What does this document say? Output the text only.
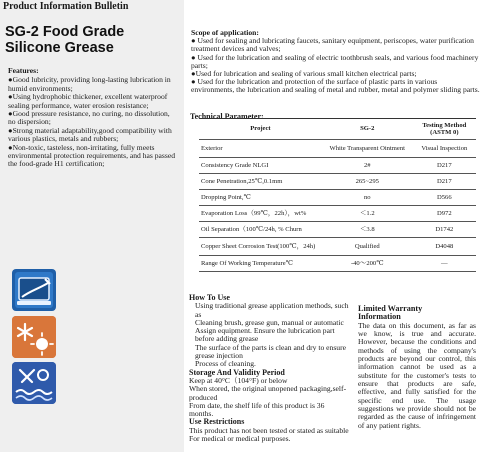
Product Information Bulletin
SG-2 Food Grade
Silicone Grease
Features:
●Good lubricity, providing long-lasting lubrication in humid environments;
●Using hydrophobic thickener, excellent waterproof sealing performance, water erosion resistance;
●Good pressure resistance, no curing, no dissolution, no dispersion;
●Strong material adaptability,good compatibility with various plastics, metals and rubbers;
●Non-toxic, tasteless, non-irritating, fully meets environmental protection requirements, and has passed the food-grade H1 certification;
Scope of application:
● Used for sealing and lubricating faucets, sanitary equipment, periscopes, water purification treatment devices and valves;
● Used for the lubrication and sealing of electric toothbrush seals, and various food machinery parts;
●Used for lubrication and sealing of various small kitchen electrical parts;
● Used for the lubrication and protection of the surface of plastic parts in various environments, the lubrication and sealing of metal and rubber, metal and polymer sliding parts.
Technical Parameter:
Project	SG-2	Testing Method (ASTM 0)
Exterior	White Transparent Ointment	Visual Inspection
Consistency Grade NLGI	2#	D217
Cone Penetration,25℃,0.1mm	265~295	D217
Dropping Point,℃	no	D566
Evaporation Loss（99℃，22h），wt%	＜1.2	D972
Oil Separation（100℃/24h, % Churn	＜3.8	D1742
Copper Sheet Corrosion Test(100℃，24h)	Qualified	D4048
Range Of Working Temperature℃	-40～200℃	—
How To Use
Using traditional grease application methods, such as
Cleaning brush, grease gun, manual or automatic
Assign equipment. Ensure the lubrication part before adding grease
The surface of the parts is clean and dry to ensure grease injection
Process of cleaning.
Storage And Validity Period
Keep at 40°C（104°F) or below
When stored, the original unopened packaging,self-produced
From date, the shelf life of this product is 36 months.
Use Restrictions
This product has not been tested or stated as suitable
For medical or medical purposes.
Limited Warranty
Information
The data on this document, as far as we know, is true and accurate. However, because the conditions and methods of using the company's products are beyond our control, this information cannot be used as a substitute for the customer's tests to ensure that products are safe, effective, and fully satisfied for the specific end use. The usage suggestions we provide should not be regarded as the cause of infringement of any patient rights.
